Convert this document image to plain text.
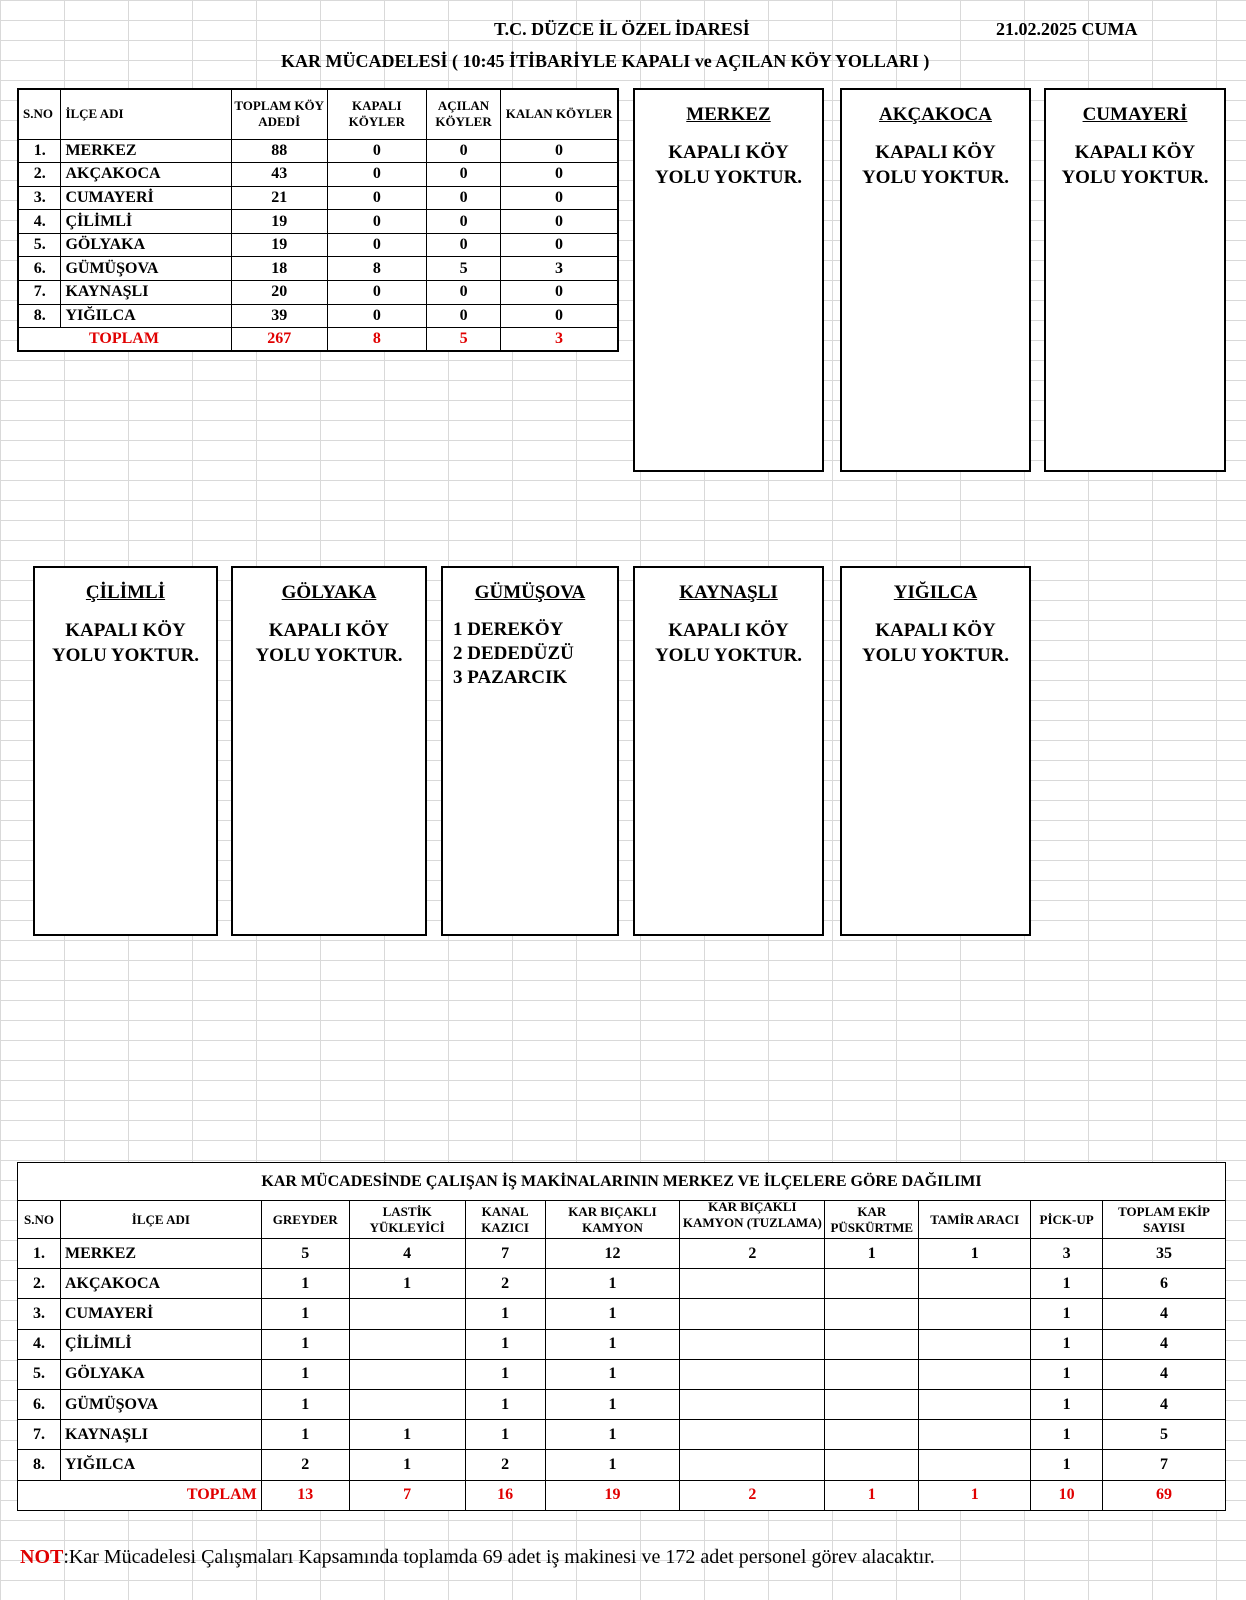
T.C. DÜZCE İL ÖZEL İDARESİ	21.02.2025 CUMA
KAR MÜCADELESİ ( 10:45 İTİBARİYLE KAPALI ve AÇILAN KÖY YOLLARI )
S.NO	İLÇE ADI	TOPLAM KÖY ADEDİ	KAPALI KÖYLER	AÇILAN KÖYLER	KALAN KÖYLER
1.	MERKEZ	88	0	0	0
2.	AKÇAKOCA	43	0	0	0
3.	CUMAYERİ	21	0	0	0
4.	ÇİLİMLİ	19	0	0	0
5.	GÖLYAKA	19	0	0	0
6.	GÜMÜŞOVA	18	8	5	3
7.	KAYNAŞLI	20	0	0	0
8.	YIĞILCA	39	0	0	0
TOPLAM		267	8	5	3
MERKEZ
KAPALI KÖY
YOLU YOKTUR.
AKÇAKOCA
KAPALI KÖY
YOLU YOKTUR.
CUMAYERİ
KAPALI KÖY
YOLU YOKTUR.
ÇİLİMLİ
KAPALI KÖY
YOLU YOKTUR.
GÖLYAKA
KAPALI KÖY
YOLU YOKTUR.
GÜMÜŞOVA
1 DEREKÖY
2 DEDEDÜZÜ
3 PAZARCIK
KAYNAŞLI
KAPALI KÖY
YOLU YOKTUR.
YIĞILCA
KAPALI KÖY
YOLU YOKTUR.
KAR MÜCADESİNDE ÇALIŞAN İŞ MAKİNALARININ MERKEZ VE İLÇELERE GÖRE DAĞILIMI										
S.NO	İLÇE ADI	GREYDER	LASTİK YÜKLEYİCİ	KANAL KAZICI	KAR BIÇAKLI KAMYON	KAR BIÇAKLI KAMYON (TUZLAMA)	KAR PÜSKÜRTME	TAMİR ARACI	PİCK-UP	TOPLAM EKİP SAYISI
1.	MERKEZ	5	4	7	12	2	1	1	3	35
2.	AKÇAKOCA	1	1	2	1				1	6
3.	CUMAYERİ	1		1	1				1	4
4.	ÇİLİMLİ	1		1	1				1	4
5.	GÖLYAKA	1		1	1				1	4
6.	GÜMÜŞOVA	1		1	1				1	4
7.	KAYNAŞLI	1	1	1	1				1	5
8.	YIĞILCA	2	1	2	1				1	7
TOPLAM		13	7	16	19	2	1	1	10	69
NOT:Kar Mücadelesi Çalışmaları Kapsamında toplamda 69 adet iş makinesi ve 172 adet personel görev alacaktır.
